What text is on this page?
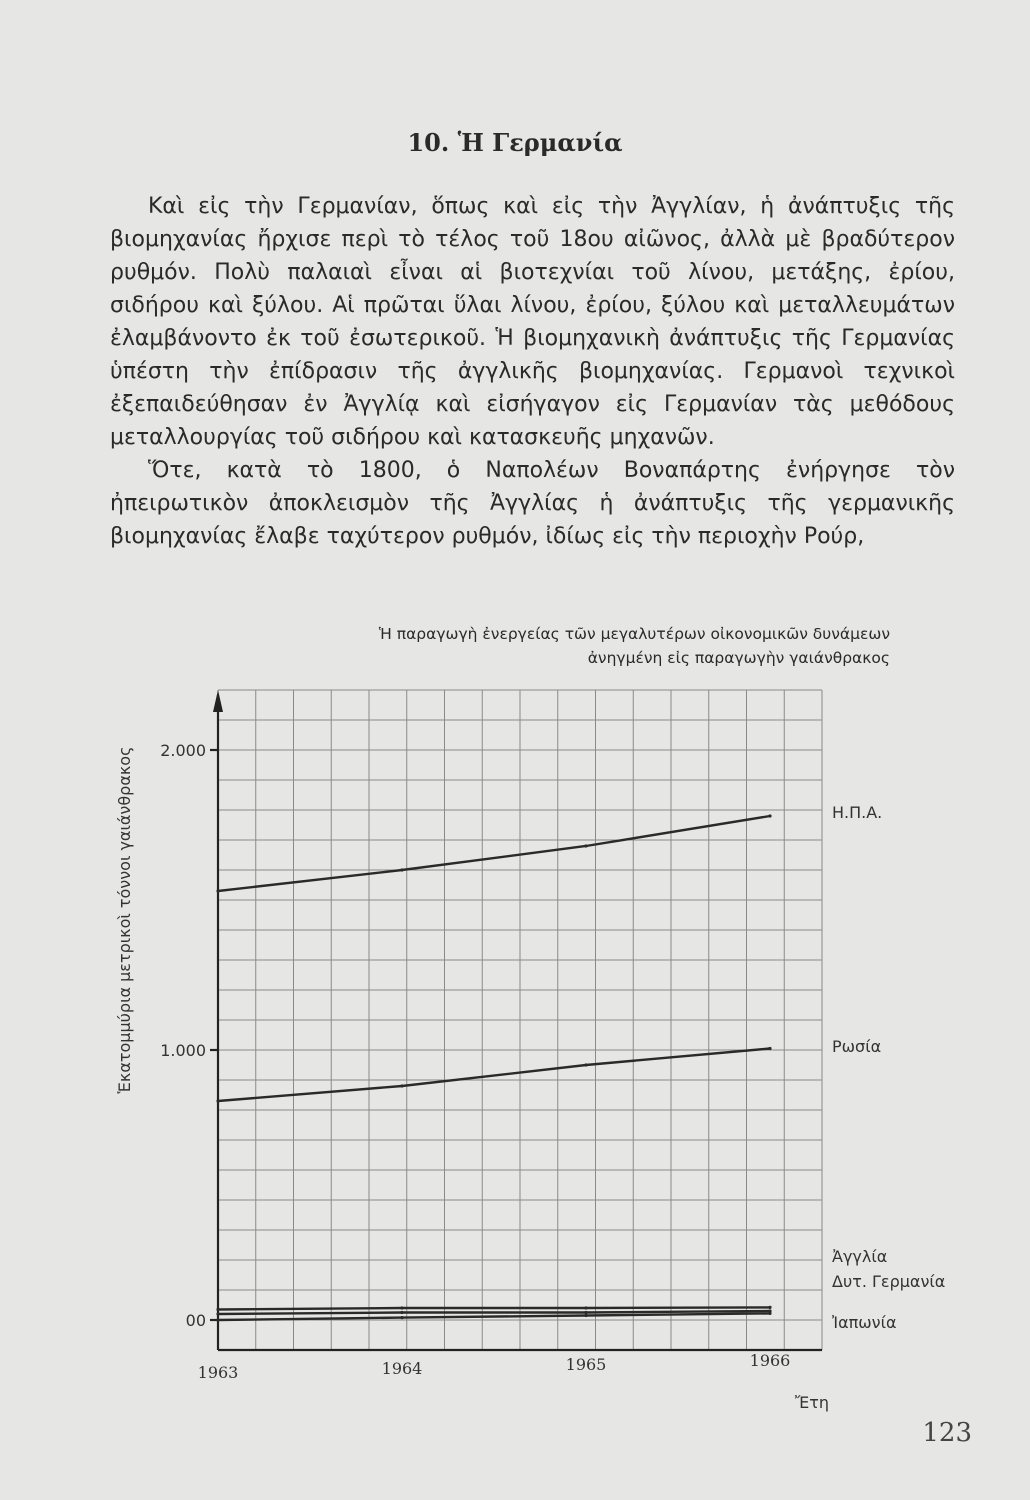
10. Ἡ Γερμανία

Καὶ εἰς τὴν Γερμανίαν, ὅπως καὶ εἰς τὴν Ἀγγλίαν, ἡ ἀνάπτυξις τῆς βιομηχανίας ἤρχισε περὶ τὸ τέλος τοῦ 18ου αἰῶνος, ἀλλὰ μὲ βραδύτερον ρυθμόν. Πολὺ παλαιαὶ εἶναι αἱ βιοτεχνίαι τοῦ λίνου, μετάξης, ἐρίου, σιδήρου καὶ ξύλου. Αἱ πρῶται ὕλαι λίνου, ἐρίου, ξύλου καὶ μεταλλευμάτων ἐλαμβάνοντο ἐκ τοῦ ἐσωτερικοῦ. Ἡ βιομηχανικὴ ἀνάπτυξις τῆς Γερμανίας ὑπέστη τὴν ἐπίδρασιν τῆς ἀγγλικῆς βιομηχανίας. Γερμανοὶ τεχνικοὶ ἐξεπαιδεύθησαν ἐν Ἀγγλίᾳ καὶ εἰσήγαγον εἰς Γερμανίαν τὰς μεθόδους μεταλλουργίας τοῦ σιδήρου καὶ κατασκευῆς μηχανῶν.

Ὅτε, κατὰ τὸ 1800, ὁ Ναπολέων Βοναπάρτης ἐνήργησε τὸν ἠπειρωτικὸν ἀποκλεισμὸν τῆς Ἀγγλίας ἡ ἀνάπτυξις τῆς γερμανικῆς βιομηχανίας ἔλαβε ταχύτερον ρυθμόν, ἰδίως εἰς τὴν περιοχὴν Ρούρ,

Ἡ παραγωγὴ ἐνεργείας τῶν μεγαλυτέρων οἰκονομικῶν δυνάμεων
ἀνηγμένη εἰς παραγωγὴν γαιάνθρακος
2.000
1.000
00
1963	1964	1965	1966
Ἔτη
Ἑκατομμύρια μετρικοὶ τόννοι γαιάνθρακος	Η.Π.Α.
Ρωσία
Ἀγγλία
Δυτ. Γερμανία
Ἰαπωνία
123
